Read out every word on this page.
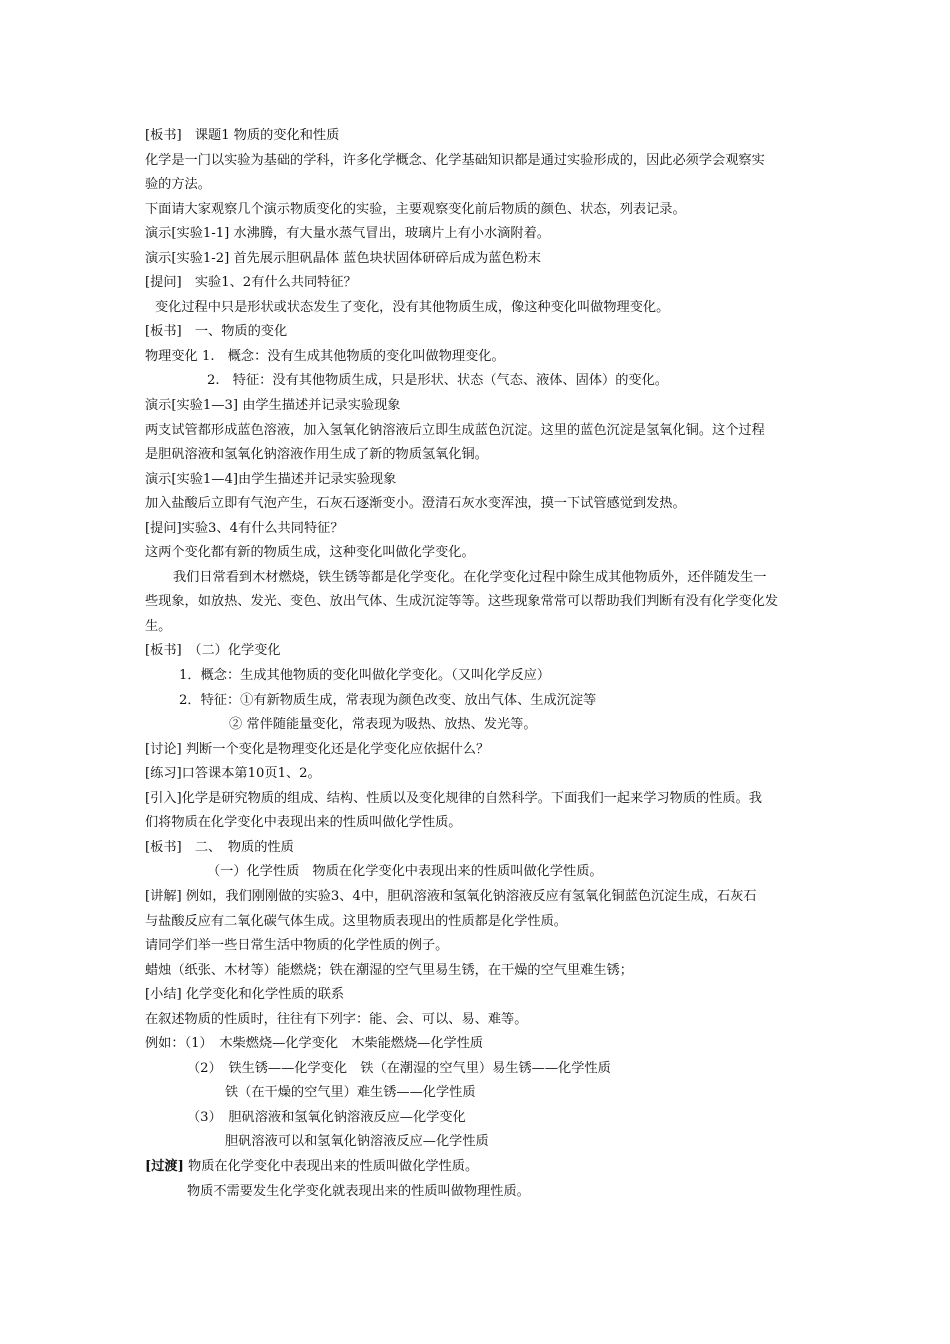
[板书]　课题1 物质的变化和性质
化学是一门以实验为基础的学科，许多化学概念、化学基础知识都是通过实验形成的，因此必须学会观察实
验的方法。
下面请大家观察几个演示物质变化的实验，主要观察变化前后物质的颜色、状态，列表记录。
演示[实验1-1] 水沸腾，有大量水蒸气冒出，玻璃片上有小水滴附着。
演示[实验1-2] 首先展示胆矾晶体 蓝色块状固体研碎后成为蓝色粉末
[提问]　实验1、2有什么共同特征？
变化过程中只是形状或状态发生了变化，没有其他物质生成，像这种变化叫做物理变化。
[板书]　一、物质的变化
物理变化 1.　概念：没有生成其他物质的变化叫做物理变化。
2.　特征：没有其他物质生成，只是形状、状态（气态、液体、固体）的变化。
演示[实验1—3] 由学生描述并记录实验现象
两支试管都形成蓝色溶液，加入氢氧化钠溶液后立即生成蓝色沉淀。这里的蓝色沉淀是氢氧化铜。这个过程
是胆矾溶液和氢氧化钠溶液作用生成了新的物质氢氧化铜。
演示[实验1—4]由学生描述并记录实验现象
加入盐酸后立即有气泡产生，石灰石逐渐变小。澄清石灰水变浑浊，摸一下试管感觉到发热。
[提问]实验3、4有什么共同特征？
这两个变化都有新的物质生成，这种变化叫做化学变化。
我们日常看到木材燃烧，铁生锈等都是化学变化。在化学变化过程中除生成其他物质外，还伴随发生一
些现象，如放热、发光、变色、放出气体、生成沉淀等等。这些现象常常可以帮助我们判断有没有化学变化发
生。
[板书]　（二）化学变化
1．概念：生成其他物质的变化叫做化学变化。（又叫化学反应）
2．特征：①有新物质生成，常表现为颜色改变、放出气体、生成沉淀等
② 常伴随能量变化，常表现为吸热、放热、发光等。
[讨论] 判断一个变化是物理变化还是化学变化应依据什么？
[练习]口答课本第10页1、2。
[引入]化学是研究物质的组成、结构、性质以及变化规律的自然科学。下面我们一起来学习物质的性质。我
们将物质在化学变化中表现出来的性质叫做化学性质。
[板书]　二、　物质的性质
（一）化学性质　物质在化学变化中表现出来的性质叫做化学性质。
[讲解] 例如，我们刚刚做的实验3、4中，胆矾溶液和氢氧化钠溶液反应有氢氧化铜蓝色沉淀生成，石灰石
与盐酸反应有二氧化碳气体生成。这里物质表现出的性质都是化学性质。
请同学们举一些日常生活中物质的化学性质的例子。
蜡烛（纸张、木材等）能燃烧；铁在潮湿的空气里易生锈，在干燥的空气里难生锈；
[小结] 化学变化和化学性质的联系
在叙述物质的性质时，往往有下列字：能、会、可以、易、难等。
例如：（1）　木柴燃烧—化学变化　木柴能燃烧—化学性质
（2）　铁生锈——化学变化　铁（在潮湿的空气里）易生锈——化学性质
铁（在干燥的空气里）难生锈——化学性质
（3）　胆矾溶液和氢氧化钠溶液反应—化学变化
胆矾溶液可以和氢氧化钠溶液反应—化学性质
[过渡] 物质在化学变化中表现出来的性质叫做化学性质。
物质不需要发生化学变化就表现出来的性质叫做物理性质。
